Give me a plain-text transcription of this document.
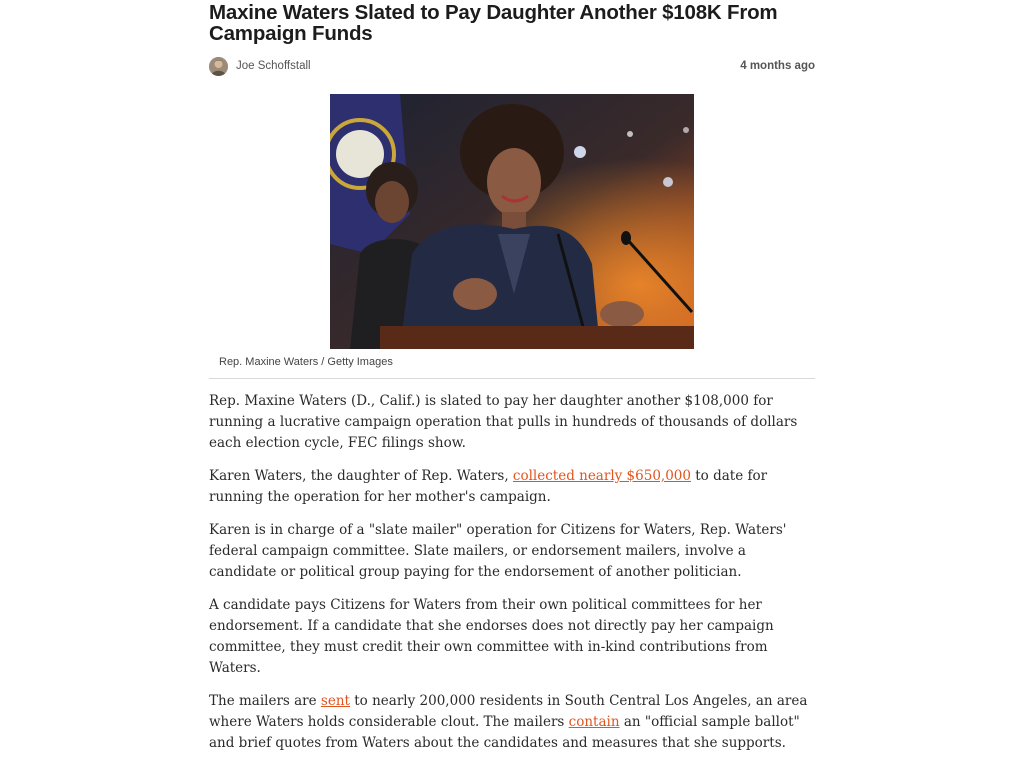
Maxine Waters Slated to Pay Daughter Another $108K From Campaign Funds
Joe Schoffstall	4 months ago
Rep. Maxine Waters / Getty Images

Rep. Maxine Waters (D., Calif.) is slated to pay her daughter another $108,000 for running a lucrative campaign operation that pulls in hundreds of thousands of dollars each election cycle, FEC filings show.

Karen Waters, the daughter of Rep. Waters, collected nearly $650,000 to date for running the operation for her mother's campaign.

Karen is in charge of a "slate mailer" operation for Citizens for Waters, Rep. Waters' federal campaign committee. Slate mailers, or endorsement mailers, involve a candidate or political group paying for the endorsement of another politician.

A candidate pays Citizens for Waters from their own political committees for her endorsement. If a candidate that she endorses does not directly pay her campaign committee, they must credit their own committee with in-kind contributions from Waters.

The mailers are sent to nearly 200,000 residents in South Central Los Angeles, an area where Waters holds considerable clout. The mailers contain an "official sample ballot" and brief quotes from Waters about the candidates and measures that she supports.
